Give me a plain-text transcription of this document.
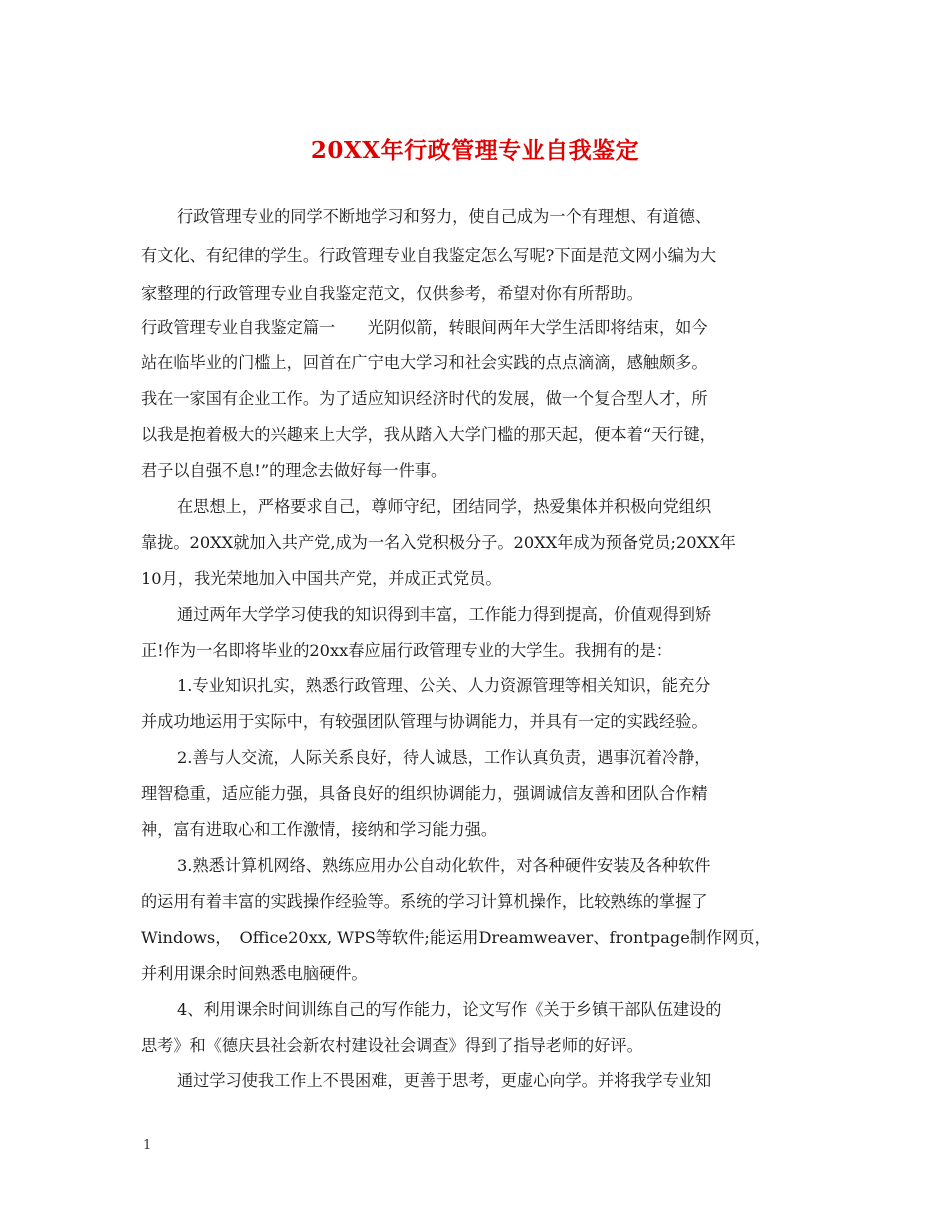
20XX年行政管理专业自我鉴定
行政管理专业的同学不断地学习和努力，使自己成为一个有理想、有道德、
有文化、有纪律的学生。行政管理专业自我鉴定怎么写呢?下面是范文网小编为大
家整理的行政管理专业自我鉴定范文，仅供参考，希望对你有所帮助。
行政管理专业自我鉴定篇一　　光阴似箭，转眼间两年大学生活即将结束，如今
站在临毕业的门槛上，回首在广宁电大学习和社会实践的点点滴滴，感触颇多。
我在一家国有企业工作。为了适应知识经济时代的发展，做一个复合型人才，所
以我是抱着极大的兴趣来上大学，我从踏入大学门槛的那天起，便本着“天行键，
君子以自强不息!”的理念去做好每一件事。
在思想上，严格要求自己，尊师守纪，团结同学，热爱集体并积极向党组织
靠拢。20XX就加入共产党,成为一名入党积极分子。20XX年成为预备党员;20XX年
10月，我光荣地加入中国共产党，并成正式党员。
通过两年大学学习使我的知识得到丰富，工作能力得到提高，价值观得到矫
正!作为一名即将毕业的20xx春应届行政管理专业的大学生。我拥有的是：
1.专业知识扎实，熟悉行政管理、公关、人力资源管理等相关知识，能充分
并成功地运用于实际中，有较强团队管理与协调能力，并具有一定的实践经验。
2.善与人交流，人际关系良好，待人诚恳，工作认真负责，遇事沉着冷静，
理智稳重，适应能力强，具备良好的组织协调能力，强调诚信友善和团队合作精
神，富有进取心和工作激情，接纳和学习能力强。
3.熟悉计算机网络、熟练应用办公自动化软件，对各种硬件安装及各种软件
的运用有着丰富的实践操作经验等。系统的学习计算机操作，比较熟练的掌握了
Windows，　Office20xx, WPS等软件;能运用Dreamweaver、frontpage制作网页，
并利用课余时间熟悉电脑硬件。
4、利用课余时间训练自己的写作能力，论文写作《关于乡镇干部队伍建设的
思考》和《德庆县社会新农村建设社会调查》得到了指导老师的好评。
通过学习使我工作上不畏困难，更善于思考，更虚心向学。并将我学专业知
1
